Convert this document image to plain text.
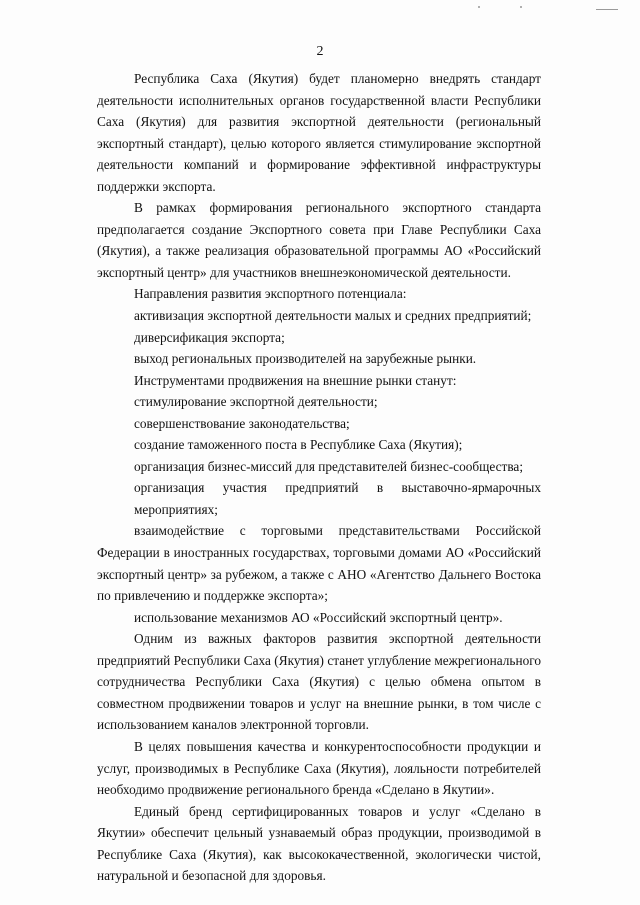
2

Республика Саха (Якутия) будет планомерно внедрять стандарт деятельности исполнительных органов государственной власти Республики Саха (Якутия) для развития экспортной деятельности (региональный экспортный стандарт), целью которого является стимулирование экспортной деятельности компаний и формирование эффективной инфраструктуры поддержки экспорта.

В рамках формирования регионального экспортного стандарта предполагается создание Экспортного совета при Главе Республики Саха (Якутия), а также реализация образовательной программы АО «Российский экспортный центр» для участников внешнеэкономической деятельности.

Направления развития экспортного потенциала:

активизация экспортной деятельности малых и средних предприятий;

диверсификация экспорта;

выход региональных производителей на зарубежные рынки.

Инструментами продвижения на внешние рынки станут:

стимулирование экспортной деятельности;

совершенствование законодательства;

создание таможенного поста в Республике Саха (Якутия);

организация бизнес-миссий для представителей бизнес-сообщества;

организация участия предприятий в выставочно-ярмарочных мероприятиях;

взаимодействие с торговыми представительствами Российской Федерации в иностранных государствах, торговыми домами АО «Российский экспортный центр» за рубежом, а также с АНО «Агентство Дальнего Востока по привлечению и поддержке экспорта»;

использование механизмов АО «Российский экспортный центр».

Одним из важных факторов развития экспортной деятельности предприятий Республики Саха (Якутия) станет углубление межрегионального сотрудничества Республики Саха (Якутия) с целью обмена опытом в совместном продвижении товаров и услуг на внешние рынки, в том числе с использованием каналов электронной торговли.

В целях повышения качества и конкурентоспособности продукции и услуг, производимых в Республике Саха (Якутия), лояльности потребителей необходимо продвижение регионального бренда «Сделано в Якутии».

Единый бренд сертифицированных товаров и услуг «Сделано в Якутии» обеспечит цельный узнаваемый образ продукции, производимой в Республике Саха (Якутия), как высококачественной, экологически чистой, натуральной и безопасной для здоровья.
